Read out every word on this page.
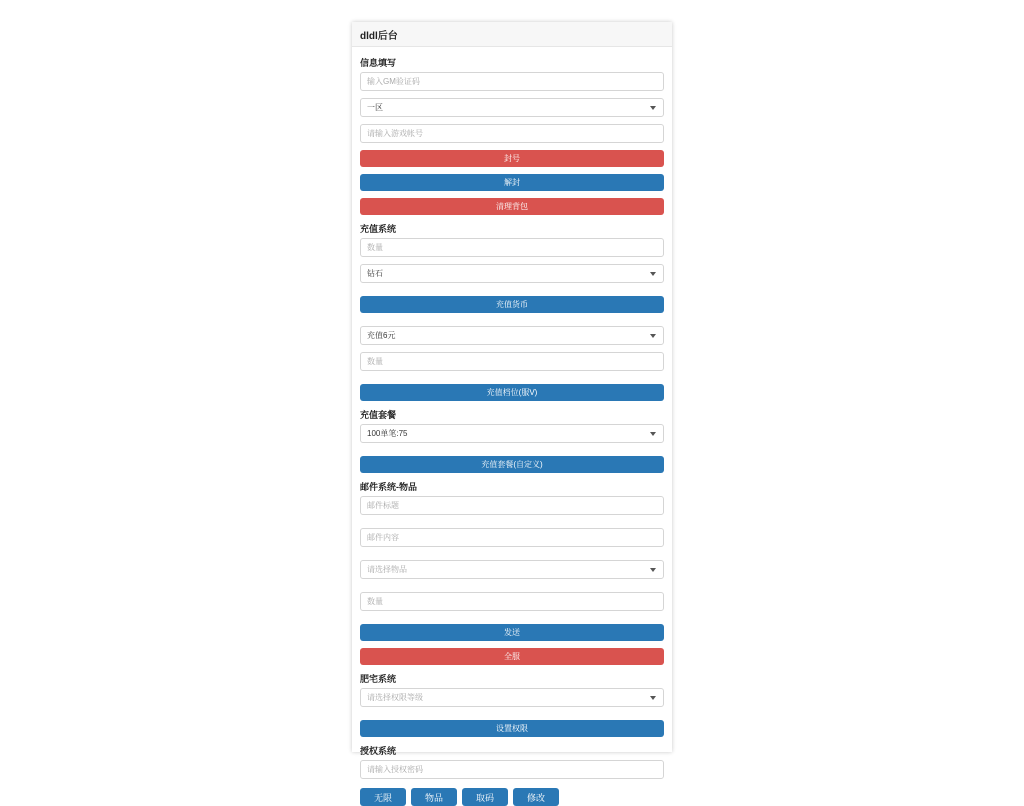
dldl后台
信息填写
输入GM验证码
一区
请输入游戏帐号
封号
解封
清理背包
充值系统
数量
钻石
充值货币
充值6元
数量
充值档位(服V)
充值套餐
100单笔:75
充值套餐(自定义)
邮件系统-物品
邮件标题
邮件内容
请选择物品
数量
发送
全服
肥宅系统
请选择权限等级
设置权限
授权系统
请输入授权密码
无限	物品	取码	修改
